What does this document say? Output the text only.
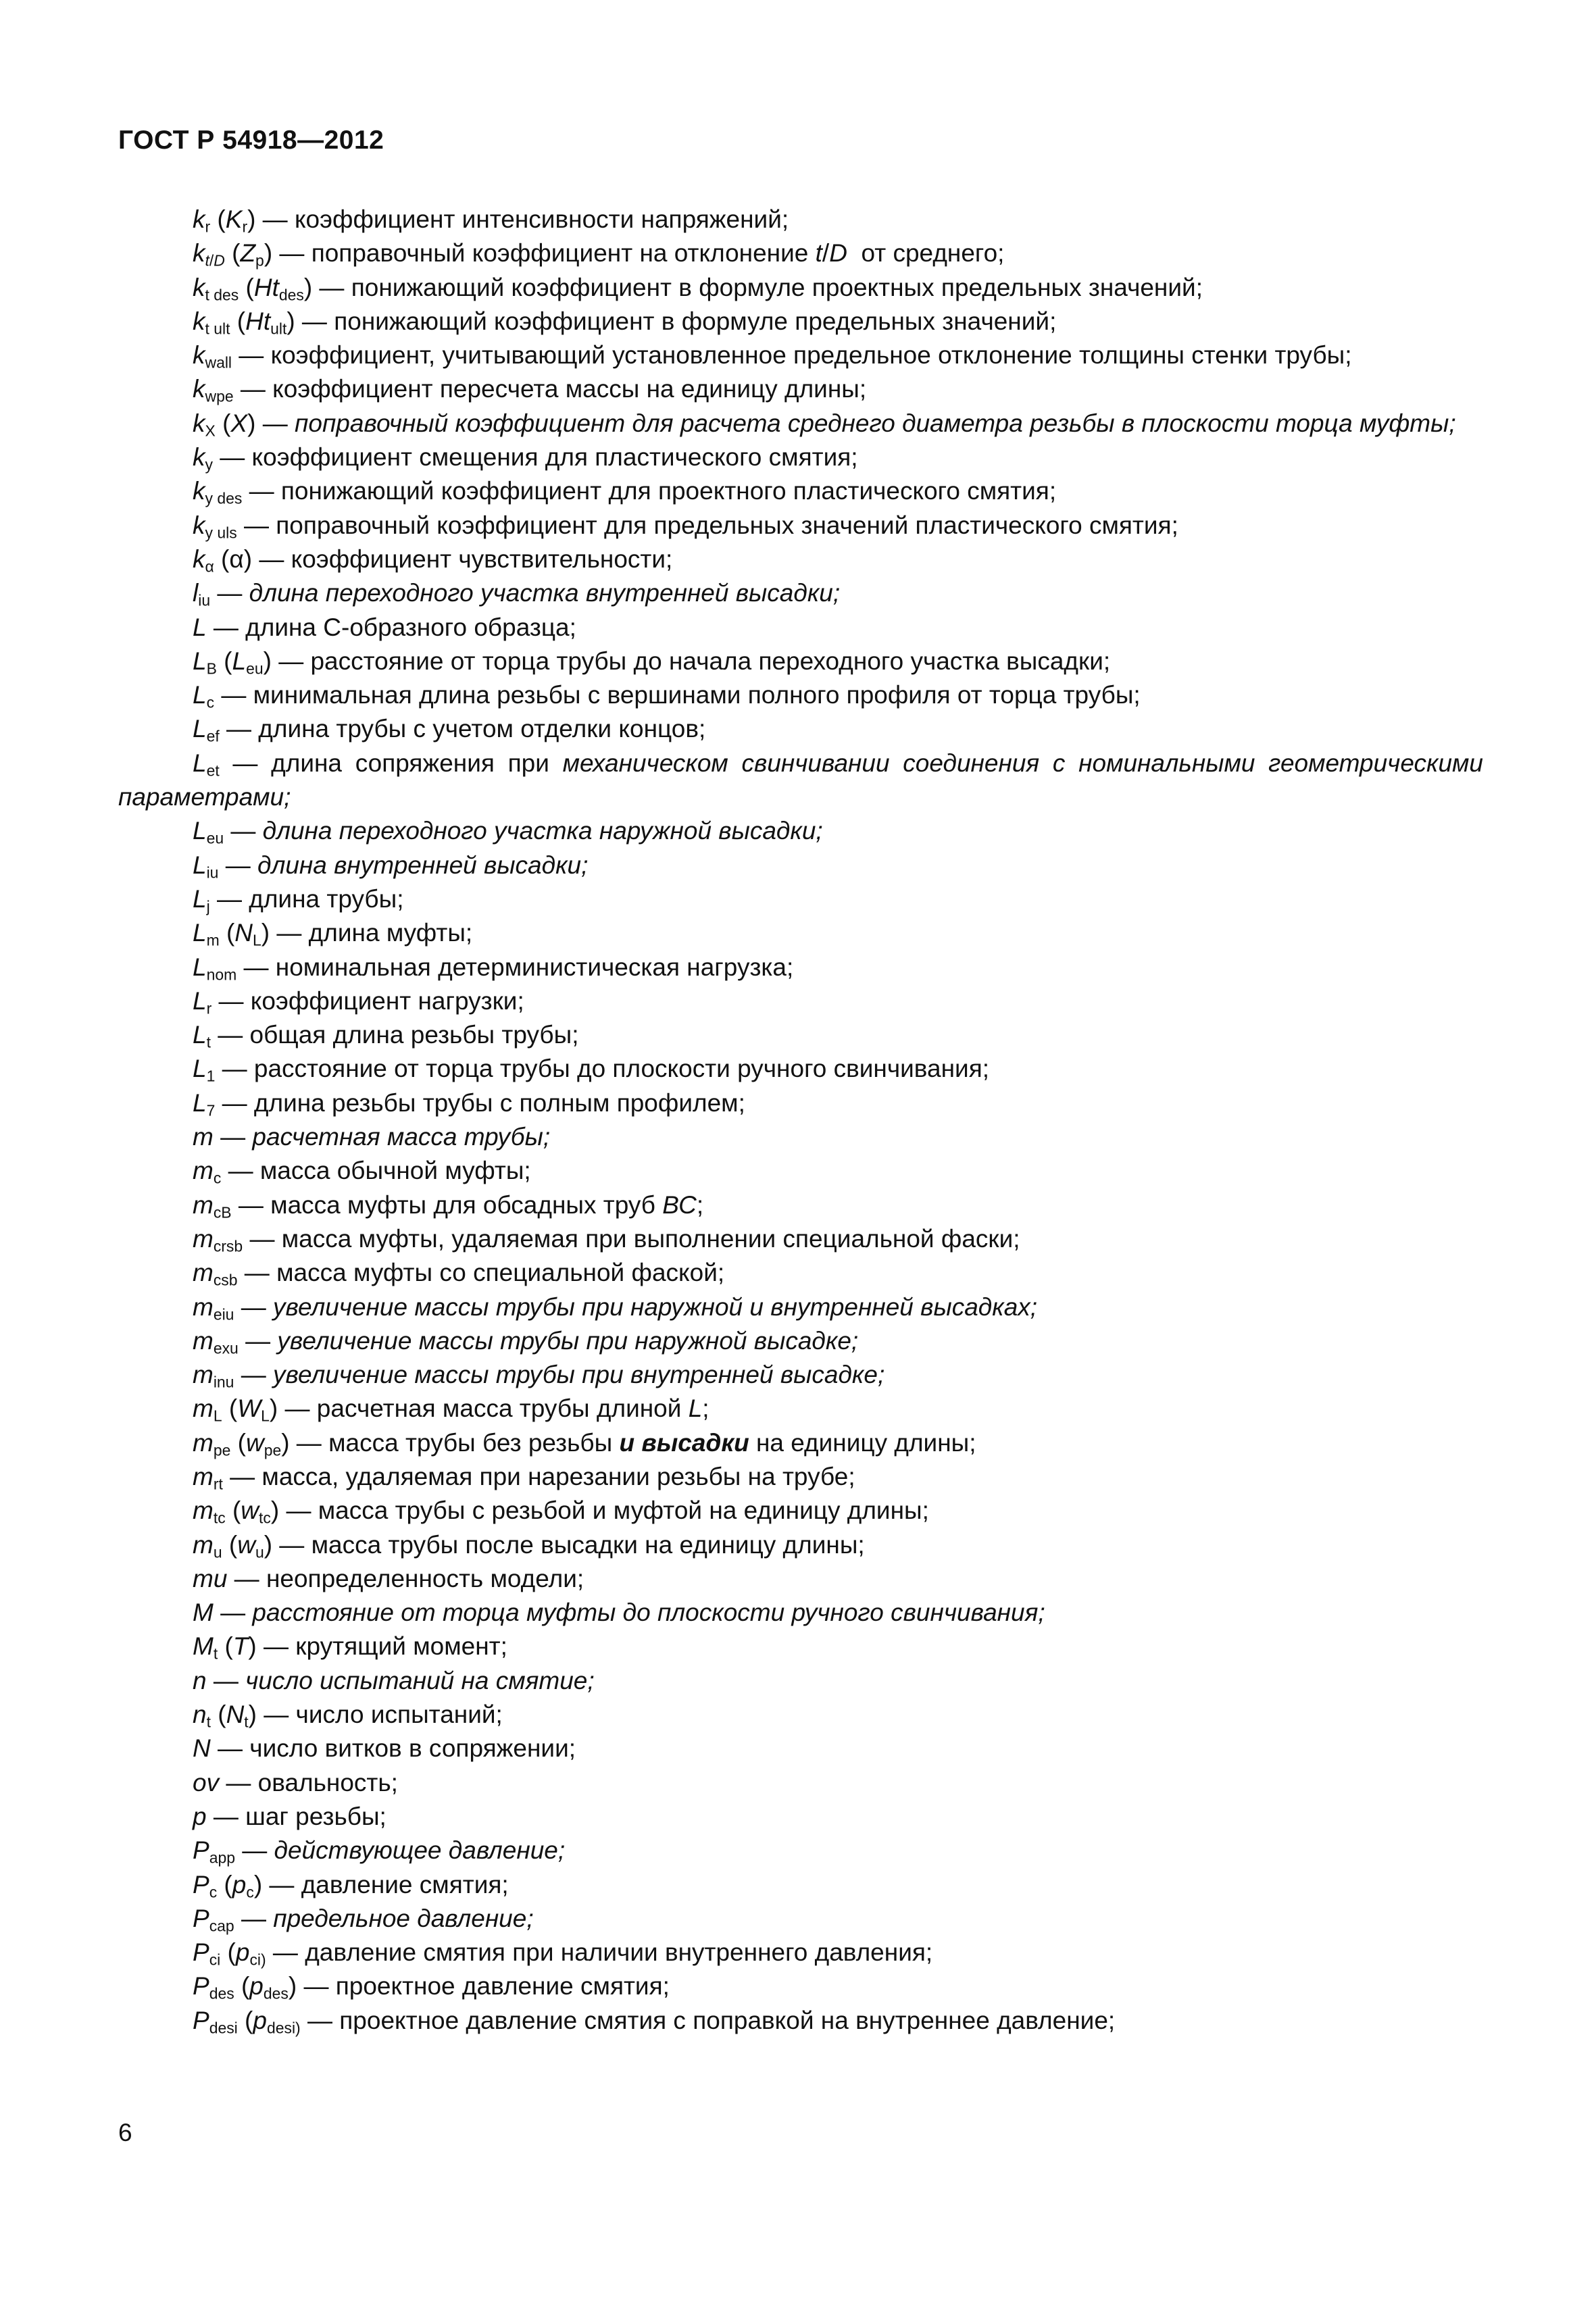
ГОСТ Р 54918—2012

$k_r$ $(K_r)$ — коэффициент интенсивности напряжений;

$k_{t/D}$ $(Z_p)$ — поправочный коэффициент на отклонение t/D  от среднего;

$k_{t des}$ $(Ht_{des})$ — понижающий коэффициент в формуле проектных предельных значений;

$k_{t ult}$ $(Ht_{ult})$ — понижающий коэффициент в формуле предельных значений;

$k_{wall}$ — коэффициент, учитывающий установленное предельное отклонение толщины стенки трубы;

$k_{wpe}$ — коэффициент пересчета массы на единицу длины;

$k_X$ (X) — поправочный коэффициент для расчета среднего диаметра резьбы в плоскости торца муфты;

$k_y$ — коэффициент смещения для пластического смятия;

$k_{y des}$ — понижающий коэффициент для проектного пластического смятия;

$k_{y uls}$ — поправочный коэффициент для предельных значений пластического смятия;

$k_\alpha$ (α) — коэффициент чувствительности;

$l_{iu}$ — длина переходного участка внутренней высадки;

L — длина С-образного образца;

$L_B$ $(L_{eu})$ — расстояние от торца трубы до начала переходного участка высадки;

$L_c$ — минимальная длина резьбы с вершинами полного профиля от торца трубы;

$L_{ef}$ — длина трубы с учетом отделки концов;

$L_{et}$ — длина сопряжения при механическом свинчивании соединения с номинальными геометрическими параметрами;

$L_{eu}$ — длина переходного участка наружной высадки;

$L_{iu}$ — длина внутренней высадки;

$L_j$ — длина трубы;

$L_m$ $(N_L)$ — длина муфты;

$L_{nom}$ — номинальная детерминистическая нагрузка;

$L_r$ — коэффициент нагрузки;

$L_t$ — общая длина резьбы трубы;

$L_1$ — расстояние от торца трубы до плоскости ручного свинчивания;

$L_7$ — длина резьбы трубы с полным профилем;

m — расчетная масса трубы;

$m_c$ — масса обычной муфты;

$m_{cB}$ — масса муфты для обсадных труб ВС;

$m_{crsb}$ — масса муфты, удаляемая при выполнении специальной фаски;

$m_{csb}$ — масса муфты со специальной фаской;

$m_{eiu}$ — увеличение массы трубы при наружной и внутренней высадках;

$m_{exu}$ — увеличение массы трубы при наружной высадке;

$m_{inu}$ — увеличение массы трубы при внутренней высадке;

$m_L$ $(W_L)$ — расчетная масса трубы длиной L;

$m_{pe}$ $(w_{pe})$ — масса трубы без резьбы и высадки на единицу длины;

$m_{rt}$ — масса, удаляемая при нарезании резьбы на трубе;

$m_{tc}$ $(w_{tc})$ — масса трубы с резьбой и муфтой на единицу длины;

$m_u$ $(w_u)$ — масса трубы после высадки на единицу длины;

mu — неопределенность модели;

М — расстояние от торца муфты до плоскости ручного свинчивания;

$M_t$ (T) — крутящий момент;

n — число испытаний на смятие;

$n_t$ $(N_t)$ — число испытаний;

N — число витков в сопряжении;

ov — овальность;

p — шаг резьбы;

$P_{app}$ — действующее давление;

$P_c$ $(p_c)$ — давление смятия;

$P_{cap}$ — предельное давление;

$P_{ci}$ ($p_{ci)}$ — давление смятия при наличии внутреннего давления;

$P_{des}$ $(p_{des})$ — проектное давление смятия;

$P_{desi}$ ($p_{desi)}$ — проектное давление смятия с поправкой на внутреннее давление;

6
